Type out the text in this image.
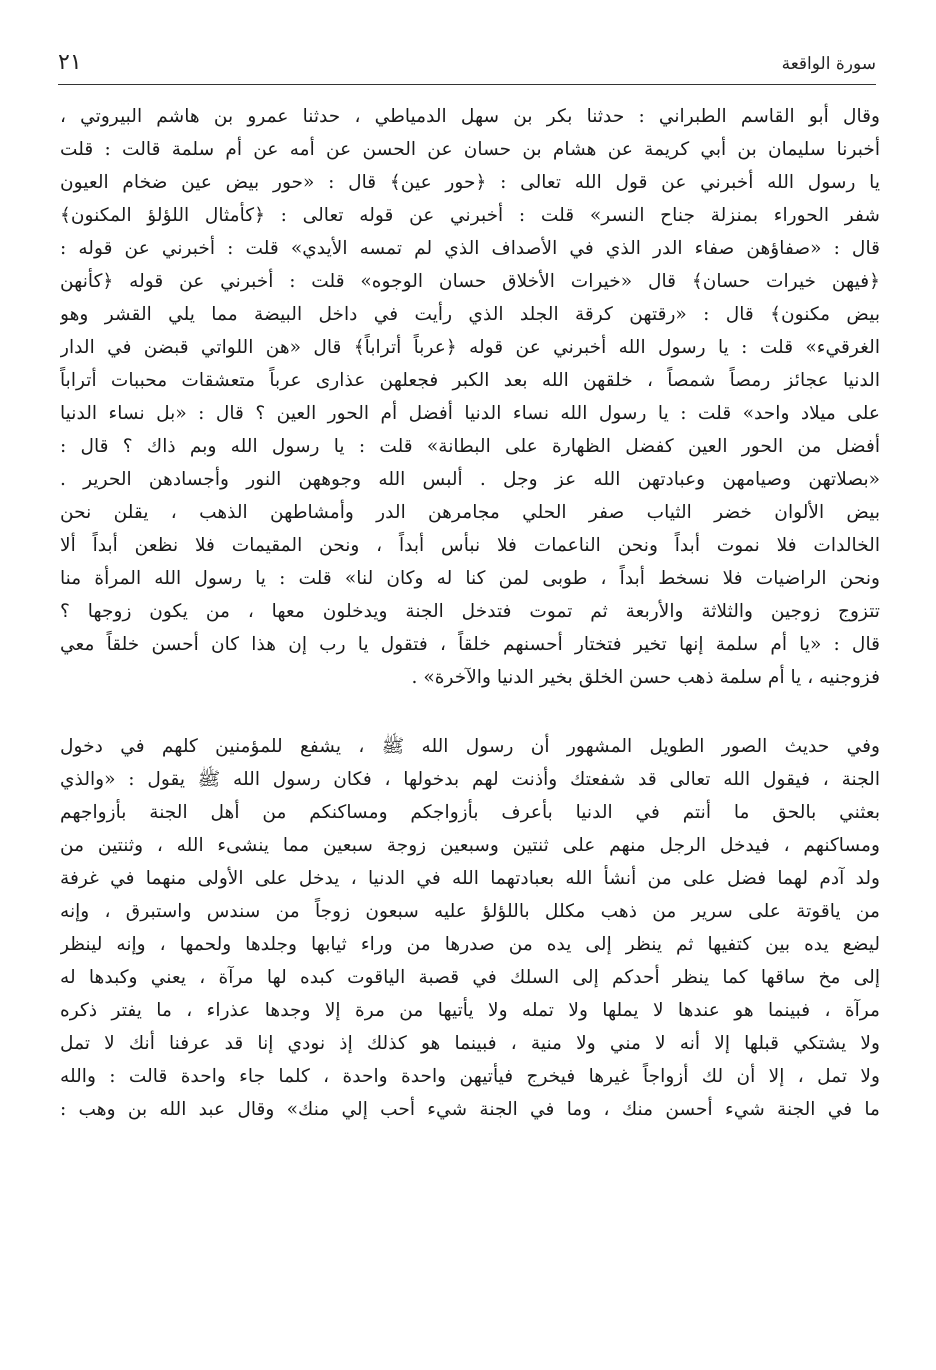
سورة الواقعة
٢١
وقال أبو القاسم الطبراني : حدثنا بكر بن سهل الدمياطي ، حدثنا عمرو بن هاشم البيروتي ،
أخبرنا سليمان بن أبي كريمة عن هشام بن حسان عن الحسن عن أمه عن أم سلمة قالت : قلت
يا رسول الله أخبرني عن قول الله تعالى : ﴿حور عين﴾ قال : «حور بيض عين ضخام العيون
شفر الحوراء بمنزلة جناح النسر» قلت : أخبرني عن قوله تعالى : ﴿كأمثال اللؤلؤ المكنون﴾
قال : «صفاؤهن صفاء الدر الذي في الأصداف الذي لم تمسه الأيدي» قلت : أخبرني عن قوله :
﴿فيهن خيرات حسان﴾ قال «خيرات الأخلاق حسان الوجوه» قلت : أخبرني عن قوله ﴿كأنهن
بيض مكنون﴾ قال : «رقتهن كرقة الجلد الذي رأيت في داخل البيضة مما يلي القشر وهو
الغرقيء» قلت : يا رسول الله أخبرني عن قوله ﴿عرباً أتراباً﴾ قال «هن اللواتي قبضن في الدار
الدنيا عجائز رمصاً شمصاً ، خلقهن الله بعد الكبر فجعلهن عذارى عرباً متعشقات محببات أتراباً
على ميلاد واحد» قلت : يا رسول الله نساء الدنيا أفضل أم الحور العين ؟ قال : «بل نساء الدنيا
أفضل من الحور العين كفضل الظهارة على البطانة» قلت : يا رسول الله وبم ذاك ؟ قال :
«بصلاتهن وصيامهن وعبادتهن الله عز وجل . ألبس الله وجوههن النور وأجسادهن الحرير .
بيض الألوان خضر الثياب صفر الحلي مجامرهن الدر وأمشاطهن الذهب ، يقلن نحن
الخالدات فلا نموت أبداً ونحن الناعمات فلا نبأس أبداً ، ونحن المقيمات فلا نظعن أبداً ألا
ونحن الراضيات فلا نسخط أبداً ، طوبى لمن كنا له وكان لنا» قلت : يا رسول الله المرأة منا
تتزوج زوجين والثلاثة والأربعة ثم تموت فتدخل الجنة ويدخلون معها ، من يكون زوجها ؟
قال : «يا أم سلمة إنها تخير فتختار أحسنهم خلقاً ، فتقول يا رب إن هذا كان أحسن خلقاً معي
فزوجنيه ، يا أم سلمة ذهب حسن الخلق بخير الدنيا والآخرة» .
وفي حديث الصور الطويل المشهور أن رسول الله ﷺ ، يشفع للمؤمنين كلهم في دخول
الجنة ، فيقول الله تعالى قد شفعتك وأذنت لهم بدخولها ، فكان رسول الله ﷺ يقول : «والذي
بعثني بالحق ما أنتم في الدنيا بأعرف بأزواجكم ومساكنكم من أهل الجنة بأزواجهم
ومساكنهم ، فيدخل الرجل منهم على ثنتين وسبعين زوجة سبعين مما ينشىء الله ، وثنتين من
ولد آدم لهما فضل على من أنشأ الله بعبادتهما الله في الدنيا ، يدخل على الأولى منهما في غرفة
من ياقوتة على سرير من ذهب مكلل باللؤلؤ عليه سبعون زوجاً من سندس واستبرق ، وإنه
ليضع يده بين كتفيها ثم ينظر إلى يده من صدرها من وراء ثيابها وجلدها ولحمها ، وإنه لينظر
إلى مخ ساقها كما ينظر أحدكم إلى السلك في قصبة الياقوت كبده لها مرآة ، يعني وكبدها له
مرآة ، فبينما هو عندها لا يملها ولا تمله ولا يأتيها من مرة إلا وجدها عذراء ، ما يفتر ذكره
ولا يشتكي قبلها إلا أنه لا مني ولا منية ، فبينما هو كذلك إذ نودي إنا قد عرفنا أنك لا تمل
ولا تمل ، إلا أن لك أزواجاً غيرها فيخرج فيأتيهن واحدة واحدة ، كلما جاء واحدة قالت : والله
ما في الجنة شيء أحسن منك ، وما في الجنة شيء أحب إلي منك» وقال عبد الله بن وهب :
